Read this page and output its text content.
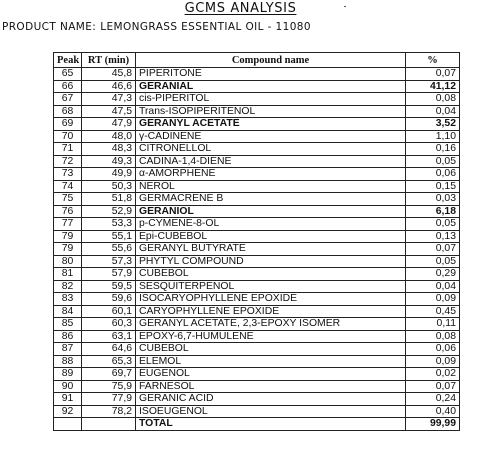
GCMS ANALYSIS
PRODUCT NAME: LEMONGRASS ESSENTIAL OIL - 11080
Peak	RT (min)	Compound name	%
65	45,8	PIPERITONE	0,07
66	46,6	GERANIAL	41,12
67	47,3	cis-PIPERITOL	0,08
68	47,5	Trans-ISOPIPERITENOL	0,04
69	47,9	GERANYL ACETATE	3,52
70	48,0	γ-CADINENE	1,10
71	48,3	CITRONELLOL	0,16
72	49,3	CADINA-1,4-DIENE	0,05
73	49,9	α-AMORPHENE	0,06
74	50,3	NEROL	0,15
75	51,8	GERMACRENE B	0,03
76	52,9	GERANIOL	6,18
77	53,3	p-CYMENE-8-OL	0,05
79	55,1	Epi-CUBEBOL	0,13
79	55,6	GERANYL BUTYRATE	0,07
80	57,3	PHYTYL COMPOUND	0,05
81	57,9	CUBEBOL	0,29
82	59,5	SESQUITERPENOL	0,04
83	59,6	ISOCARYOPHYLLENE EPOXIDE	0,09
84	60,1	CARYOPHYLLENE EPOXIDE	0,45
85	60,3	GERANYL ACETATE, 2,3-EPOXY ISOMER	0,11
86	63,1	EPOXY-6,7-HUMULENE	0,08
87	64,6	CUBEBOL	0,06
88	65,3	ELEMOL	0,09
89	69,7	EUGENOL	0,02
90	75,9	FARNESOL	0,07
91	77,9	GERANIC ACID	0,24
92	78,2	ISOEUGENOL	0,40
		TOTAL	99,99
